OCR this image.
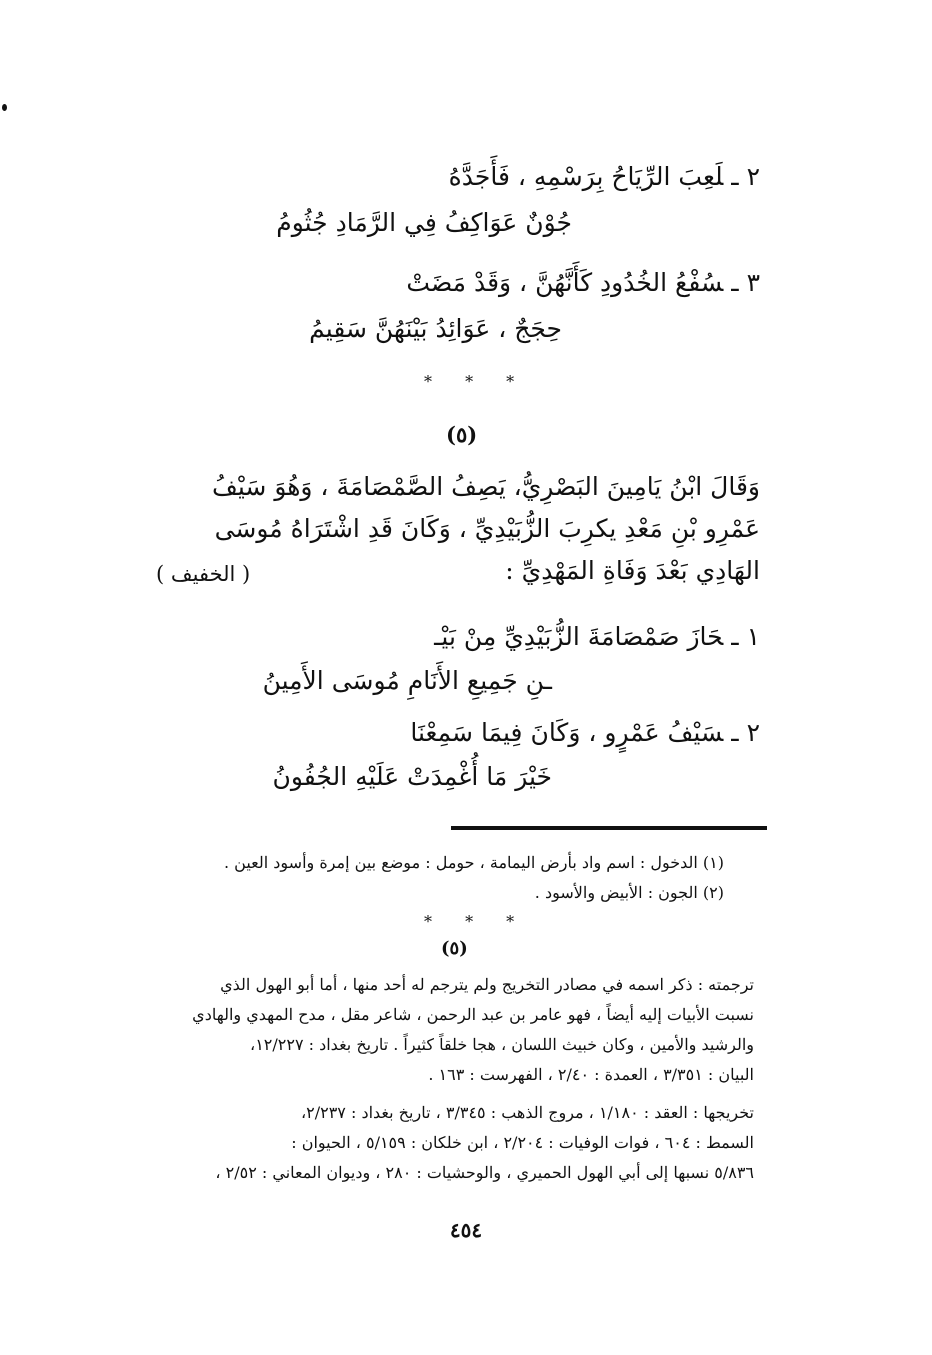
٢ ـلَعِبَ الرِّيَاحُ بِرَسْمِهِ ، فَأَجَدَّهُ
جُوْنٌ عَوَاكِفُ فِي الرَّمَادِ جُثُومُ
٣ ـسُفْعُ الخُدُودِ كَأَنَّهُنَّ ، وَقَدْ مَضَتْ
حِجَجٌ ، عَوَائِدُ بَيْنَهُنَّ سَقِيمُ
* * *
(٥)
وَقَالَ ابْنُ يَامِينَ البَصْرِيُّ، يَصِفُ الصَّمْصَامَةَ ، وَهُوَ سَيْفُ
عَمْرِو بْنِ مَعْدِ يكرِبَ الزُّبَيْدِيِّ ، وَكَانَ قَدِ اشْتَرَاهُ مُوسَى
الهَادِي بَعْدَ وَفَاةِ المَهْدِيِّ :
( الخفيف )
١ ـحَازَ صَمْصَامَةَ الزُّبَيْدِيِّ مِنْ بَيْـ
ـنِ جَمِيعِ الأَنَامِ مُوسَى الأَمِينُ
٢ ـسَيْفُ عَمْرٍو ، وَكَانَ فِيمَا سَمِعْنَا
خَيْرَ مَا أُغْمِدَتْ عَلَيْهِ الجُفُونُ
(١) الدخول : اسم واد بأرض اليمامة ، حومل : موضع بين إمرة وأسود العين .
(٢) الجون : الأبيض والأسود .
* * *
(٥)
ترجمته : ذكر اسمه في مصادر التخريج ولم يترجم له أحد منها ، أما أبو الهول الذي
نسبت الأبيات إليه أيضاً ، فهو عامر بن عبد الرحمن ، شاعر مقل ، مدح المهدي والهادي
والرشيد والأمين ، وكان خبيث اللسان ، هجا خلقاً كثيراً . تاريخ بغداد : ١٢/٢٢٧،
البيان : ٣/٣٥١ ، العمدة : ٢/٤٠ ، الفهرست : ١٦٣ .
تخريجها : العقد : ١/١٨٠ ، مروج الذهب : ٣/٣٤٥ ، تاريخ بغداد : ٢/٢٣٧،
السمط : ٦٠٤ ، فوات الوفيات : ٢/٢٠٤ ، ابن خلكان : ٥/١٥٩ ، الحيوان :
٥/٨٣٦ نسبها إلى أبي الهول الحميري ، والوحشيات : ٢٨٠ ، وديوان المعاني : ٢/٥٢ ،
٤٥٤
